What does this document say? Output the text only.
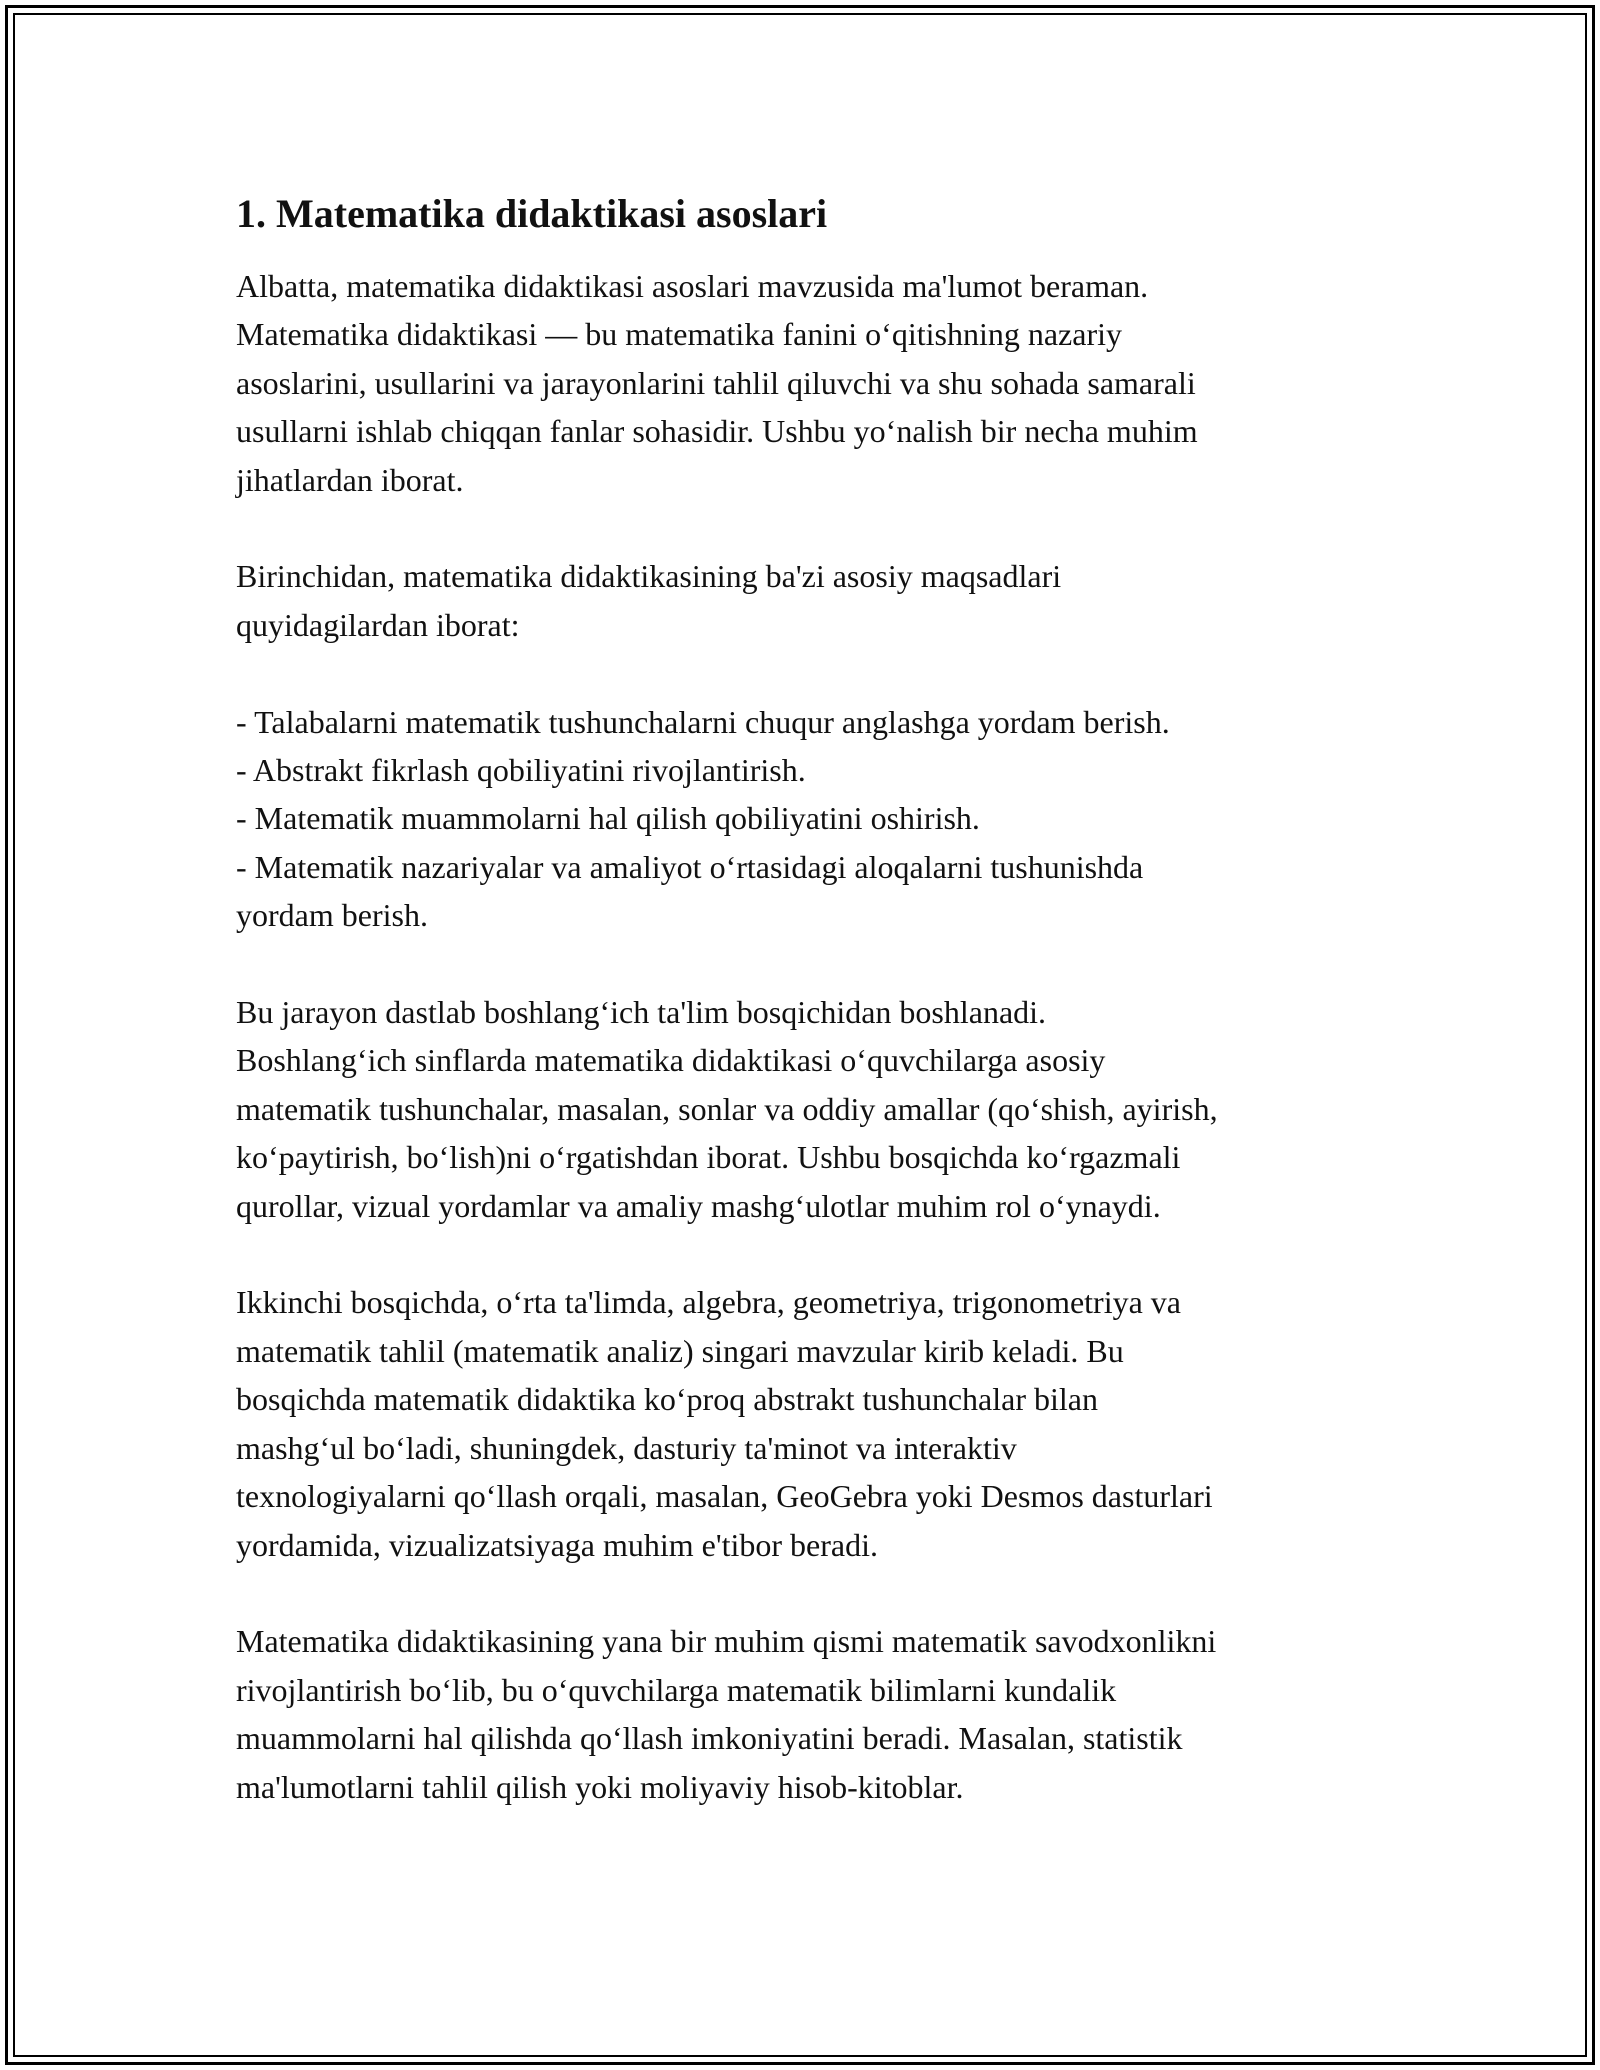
1. Matematika didaktikasi asoslari
Albatta, matematika didaktikasi asoslari mavzusida ma'lumot beraman.
Matematika didaktikasi — bu matematika fanini o‘qitishning nazariy
asoslarini, usullarini va jarayonlarini tahlil qiluvchi va shu sohada samarali
usullarni ishlab chiqqan fanlar sohasidir. Ushbu yo‘nalish bir necha muhim
jihatlardan iborat.
Birinchidan, matematika didaktikasining ba'zi asosiy maqsadlari
quyidagilardan iborat:
- Talabalarni matematik tushunchalarni chuqur anglashga yordam berish.
- Abstrakt fikrlash qobiliyatini rivojlantirish.
- Matematik muammolarni hal qilish qobiliyatini oshirish.
- Matematik nazariyalar va amaliyot o‘rtasidagi aloqalarni tushunishda
yordam berish.
Bu jarayon dastlab boshlang‘ich ta'lim bosqichidan boshlanadi.
Boshlang‘ich sinflarda matematika didaktikasi o‘quvchilarga asosiy
matematik tushunchalar, masalan, sonlar va oddiy amallar (qo‘shish, ayirish,
ko‘paytirish, bo‘lish)ni o‘rgatishdan iborat. Ushbu bosqichda ko‘rgazmali
qurollar, vizual yordamlar va amaliy mashg‘ulotlar muhim rol o‘ynaydi.
Ikkinchi bosqichda, o‘rta ta'limda, algebra, geometriya, trigonometriya va
matematik tahlil (matematik analiz) singari mavzular kirib keladi. Bu
bosqichda matematik didaktika ko‘proq abstrakt tushunchalar bilan
mashg‘ul bo‘ladi, shuningdek, dasturiy ta'minot va interaktiv
texnologiyalarni qo‘llash orqali, masalan, GeoGebra yoki Desmos dasturlari
yordamida, vizualizatsiyaga muhim e'tibor beradi.
Matematika didaktikasining yana bir muhim qismi matematik savodxonlikni
rivojlantirish bo‘lib, bu o‘quvchilarga matematik bilimlarni kundalik
muammolarni hal qilishda qo‘llash imkoniyatini beradi. Masalan, statistik
ma'lumotlarni tahlil qilish yoki moliyaviy hisob-kitoblar.
